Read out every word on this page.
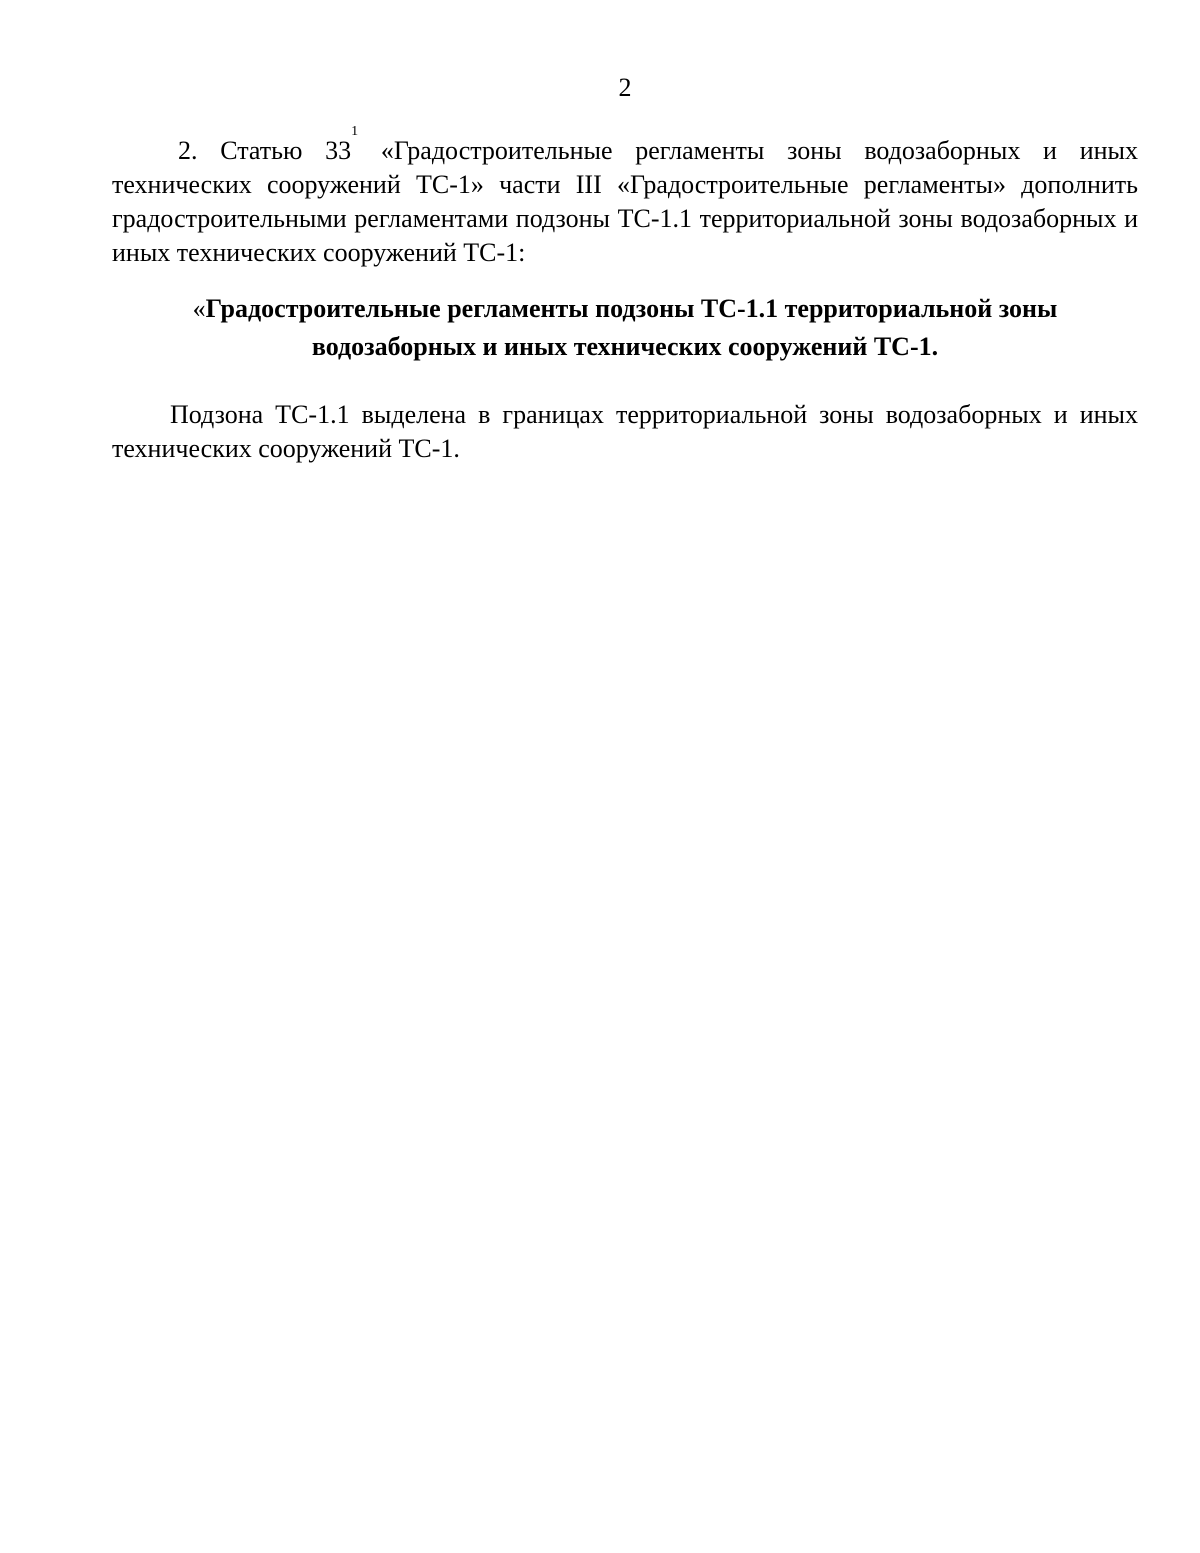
2

2. Статью 33$^1$ «Градостроительные регламенты зоны водозаборных и иных технических сооружений ТС-1» части III «Градостроительные регламенты» дополнить градостроительными регламентами подзоны ТС-1.1 территориальной зоны водозаборных и иных технических сооружений ТС-1:

«Градостроительные регламенты подзоны ТС-1.1 территориальной зоны
водозаборных и иных технических сооружений ТС-1.

Подзона ТС-1.1 выделена в границах территориальной зоны водозаборных и иных технических сооружений ТС-1.
